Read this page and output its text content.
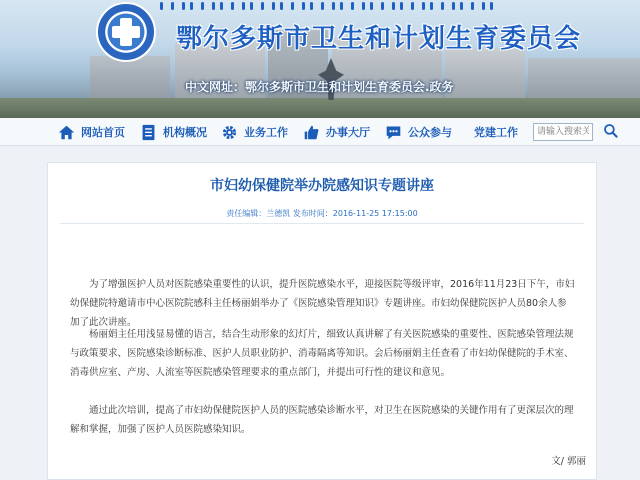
鄂尔多斯市卫生和计划生育委员会
中文网址：鄂尔多斯市卫生和计划生育委员会.政务
网站首页	机构概况	业务工作	办事大厅	公众参与 党建工作
请输入搜索关
市妇幼保健院举办院感知识专题讲座
责任编辑：兰德凯 发布时间：2016-11-25 17:15:00

为了增强医护人员对医院感染重要性的认识，提升医院感染水平，迎接医院等级评审，2016年11月23日下午，市妇幼保健院特邀请市中心医院院感科主任杨丽娟举办了《医院感染管理知识》专题讲座。市妇幼保健院医护人员80余人参加了此次讲座。

杨丽娟主任用浅显易懂的语言，结合生动形象的幻灯片，细致认真讲解了有关医院感染的重要性、医院感染管理法规与政策要求、医院感染诊断标准、医护人员职业防护、消毒隔离等知识。会后杨丽娟主任查看了市妇幼保健院的手术室、消毒供应室、产房、人流室等医院感染管理要求的重点部门，并提出可行性的建议和意见。

通过此次培训，提高了市妇幼保健院医护人员的医院感染诊断水平，对卫生在医院感染的关键作用有了更深层次的理解和掌握，加强了医护人员医院感染知识。

文/ 郭丽
